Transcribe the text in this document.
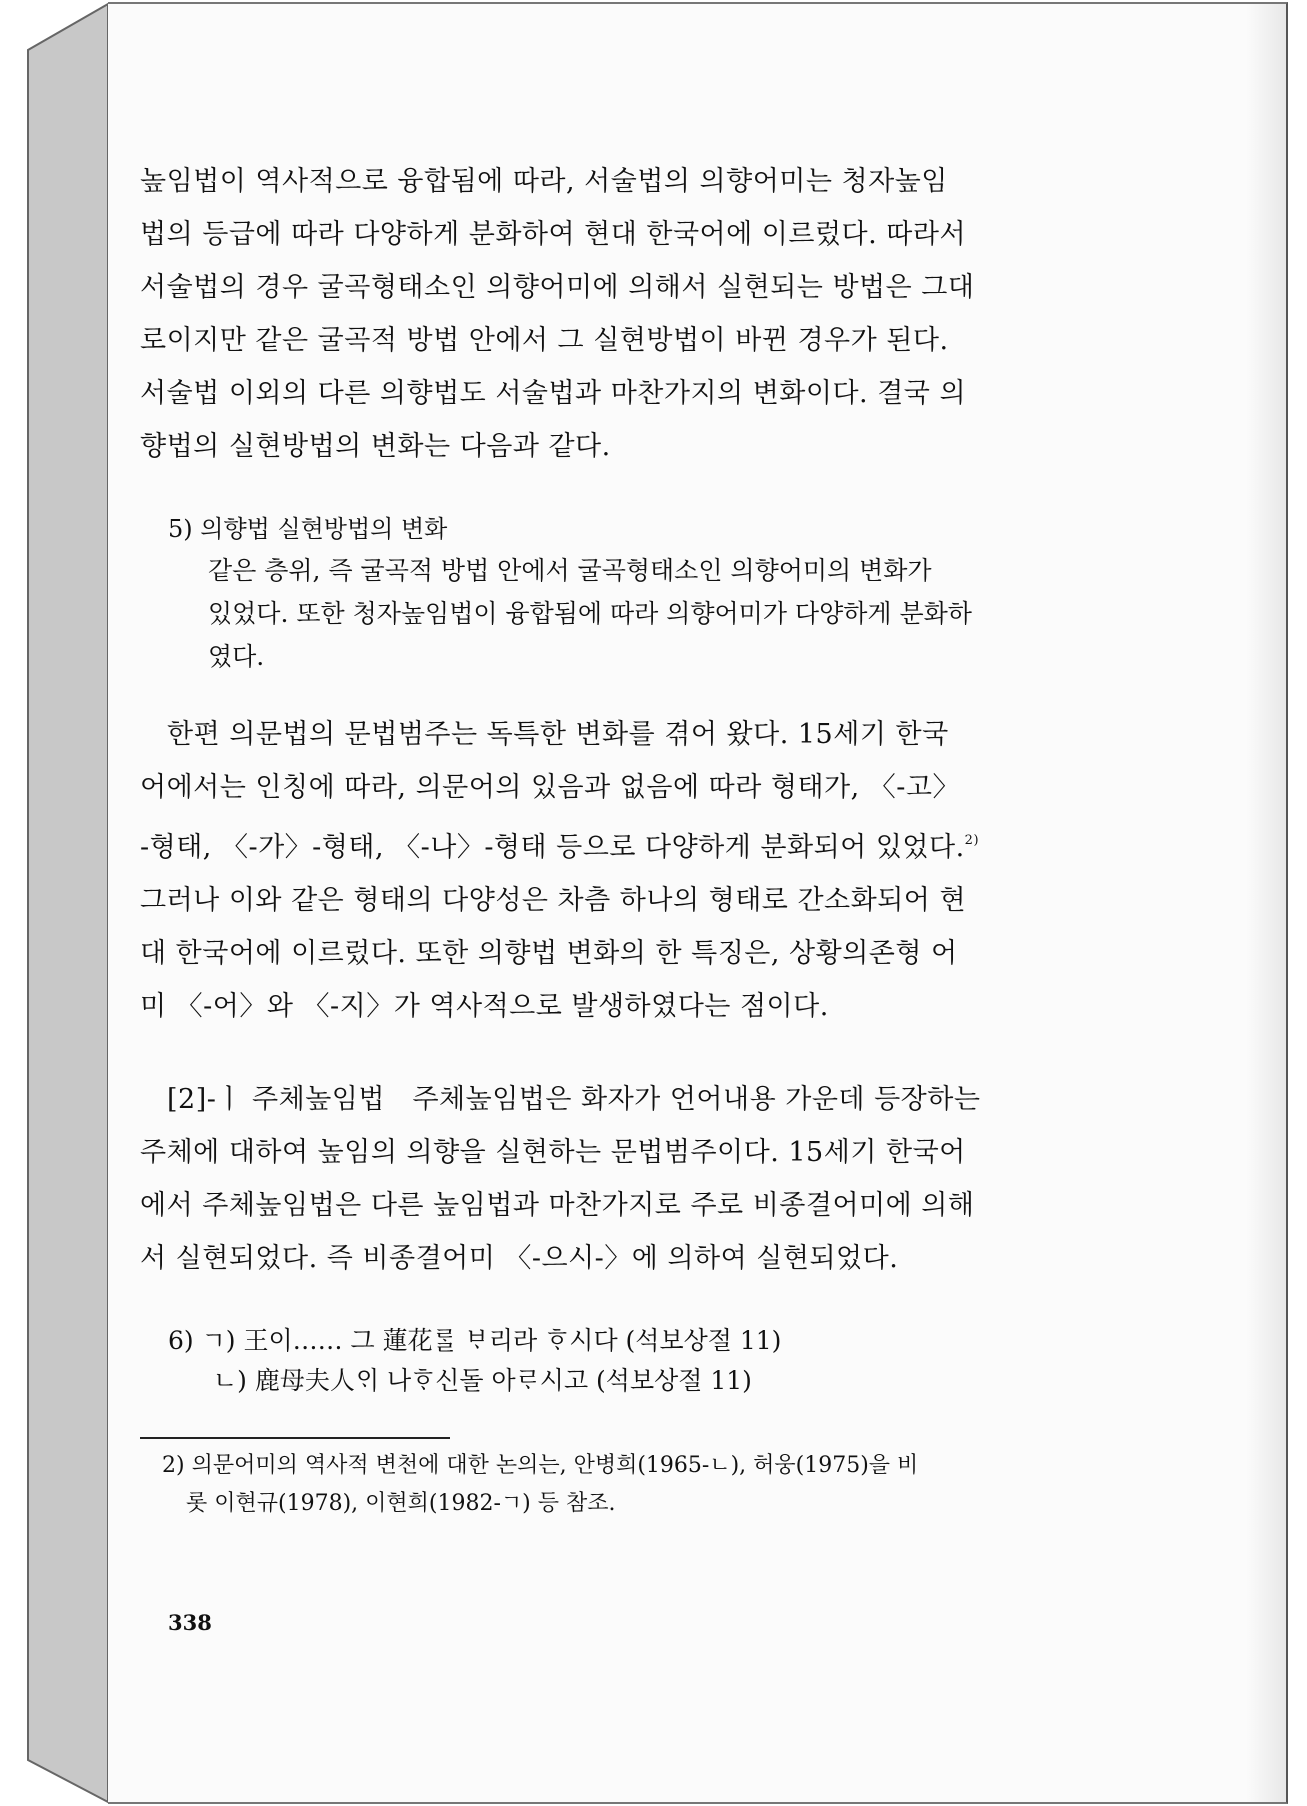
높임법이 역사적으로 융합됨에 따라, 서술법의 의향어미는 청자높임
법의 등급에 따라 다양하게 분화하여 현대 한국어에 이르렀다. 따라서
서술법의 경우 굴곡형태소인 의향어미에 의해서 실현되는 방법은 그대
로이지만 같은 굴곡적 방법 안에서 그 실현방법이 바뀐 경우가 된다.
서술법 이외의 다른 의향법도 서술법과 마찬가지의 변화이다. 결국 의
향법의 실현방법의 변화는 다음과 같다.

5) 의향법 실현방법의 변화
같은 층위, 즉 굴곡적 방법 안에서 굴곡형태소인 의향어미의 변화가
있었다. 또한 청자높임법이 융합됨에 따라 의향어미가 다양하게 분화하
였다.

한편 의문법의 문법범주는 독특한 변화를 겪어 왔다. 15세기 한국
어에서는 인칭에 따라, 의문어의 있음과 없음에 따라 형태가, 〈-고〉
-형태, 〈-가〉-형태, 〈-나〉-형태 등으로 다양하게 분화되어 있었다.$^{2)}$
그러나 이와 같은 형태의 다양성은 차츰 하나의 형태로 간소화되어 현
대 한국어에 이르렀다. 또한 의향법 변화의 한 특징은, 상황의존형 어
미 〈-어〉와 〈-지〉가 역사적으로 발생하였다는 점이다.

[2]-ㅣ 주체높임법　주체높임법은 화자가 언어내용 가운데 등장하는
주체에 대하여 높임의 의향을 실현하는 문법범주이다. 15세기 한국어
에서 주체높임법은 다른 높임법과 마찬가지로 주로 비종결어미에 의해
서 실현되었다. 즉 비종결어미 〈-으시-〉에 의하여 실현되었다.

6) ㄱ) 王이…… 그 蓮花ᄅᆞᆯ ᄇᆞ리라 ᄒᆞ시다 (석보상절 11)
ㄴ) 鹿母夫人ᄋᆡ 나ᄒᆞ신돌 아ᄅᆞ시고 (석보상절 11)
2) 의문어미의 역사적 변천에 대한 논의는, 안병희(1965-ㄴ), 허웅(1975)을 비
롯 이현규(1978), 이현희(1982-ㄱ) 등 참조.
338
